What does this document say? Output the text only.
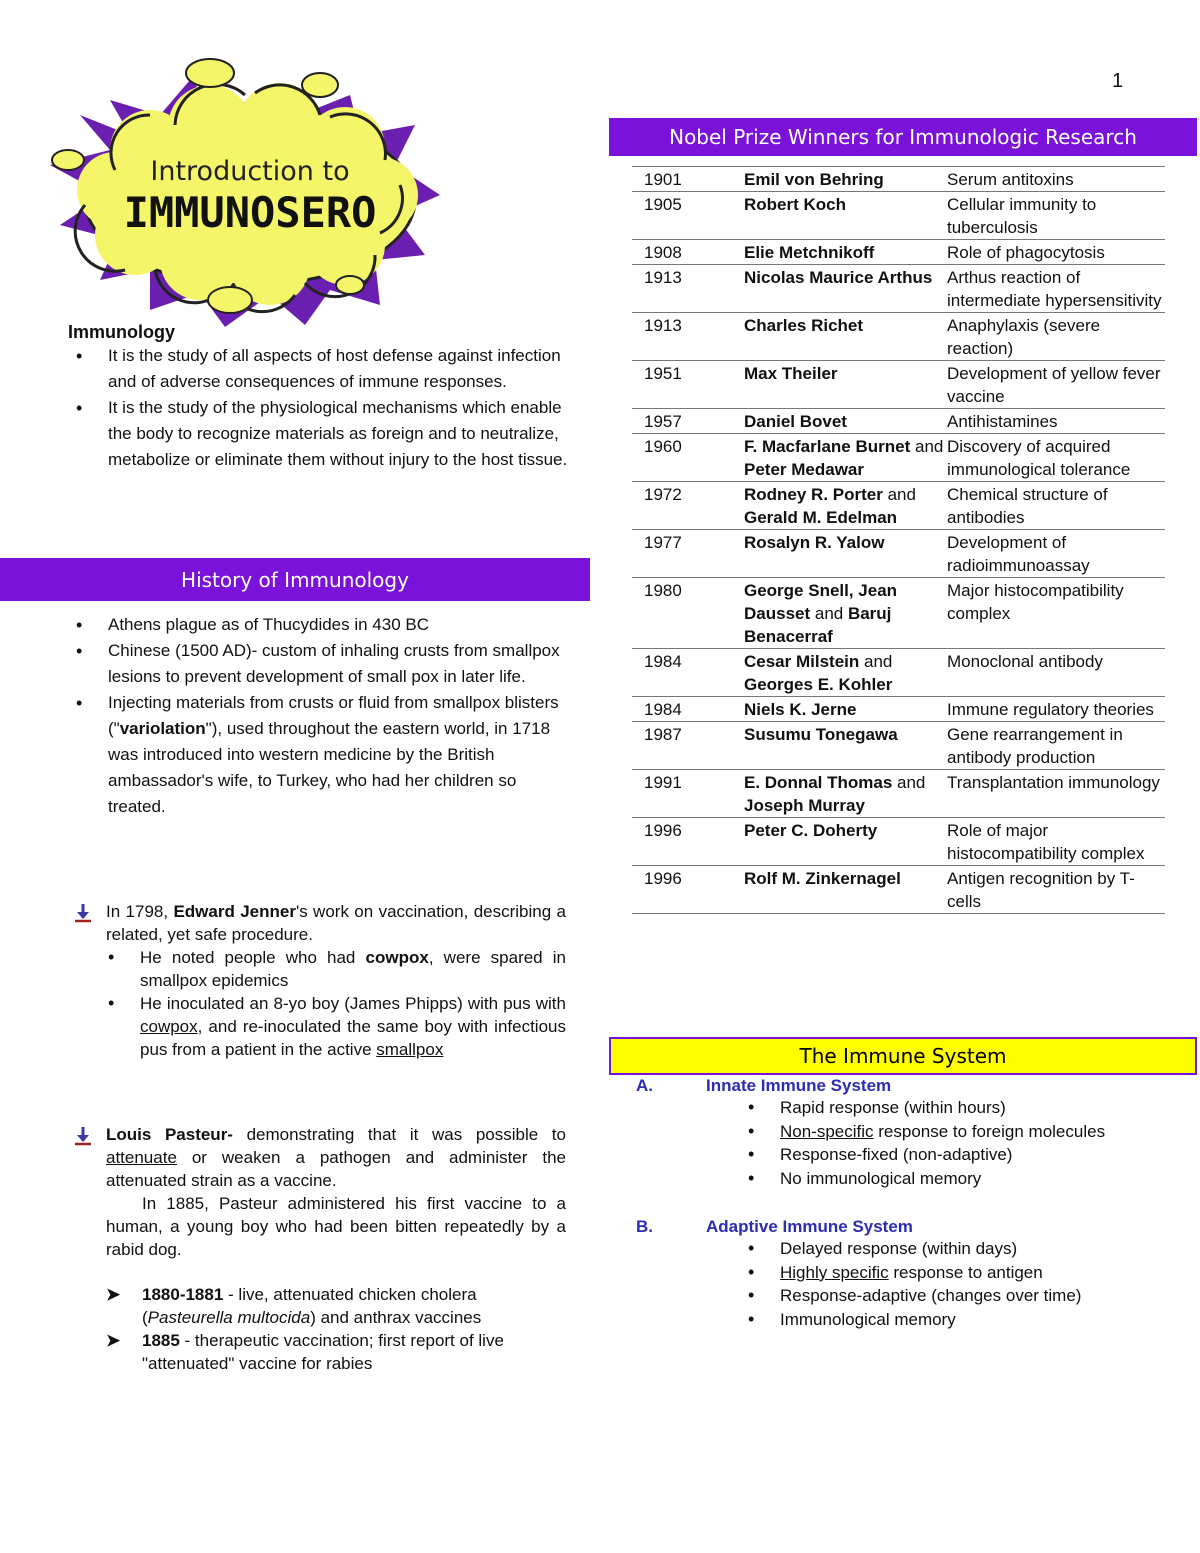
1
Introduction to
IMMUNOSERO
Immunology
• It is the study of all aspects of host defense against infection and of adverse consequences of immune responses.
• It is the study of the physiological mechanisms which enable the body to recognize materials as foreign and to neutralize, metabolize or eliminate them without injury to the host tissue.
History of Immunology
• Athens plague as of Thucydides in 430 BC
• Chinese (1500 AD)- custom of inhaling crusts from smallpox lesions to prevent development of small pox in later life.
• Injecting materials from crusts or fluid from smallpox blisters ("variolation"), used throughout the eastern world, in 1718 was introduced into western medicine by the British ambassador's wife, to Turkey, who had her children so treated.
In 1798, Edward Jenner's work on vaccination, describing a related, yet safe procedure.
• He noted people who had cowpox, were spared in smallpox epidemics
• He inoculated an 8-yo boy (James Phipps) with pus with cowpox, and re-inoculated the same boy with infectious pus from a patient in the active smallpox
Louis Pasteur- demonstrating that it was possible to attenuate or weaken a pathogen and administer the attenuated strain as a vaccine.
In 1885, Pasteur administered his first vaccine to a human, a young boy who had been bitten repeatedly by a rabid dog.
➤ 1880-1881 - live, attenuated chicken cholera (Pasteurella multocida) and anthrax vaccines
➤ 1885 - therapeutic vaccination; first report of live "attenuated" vaccine for rabies
Nobel Prize Winners for Immunologic Research
1901	Emil von Behring	Serum antitoxins
1905	Robert Koch	Cellular immunity to tuberculosis
1908	Elie Metchnikoff	Role of phagocytosis
1913	Nicolas Maurice Arthus	Arthus reaction of intermediate hypersensitivity
1913	Charles Richet	Anaphylaxis (severe reaction)
1951	Max Theiler	Development of yellow fever vaccine
1957	Daniel Bovet	Antihistamines
1960	F. Macfarlane Burnet and Peter Medawar	Discovery of acquired immunological tolerance
1972	Rodney R. Porter and Gerald M. Edelman	Chemical structure of antibodies
1977	Rosalyn R. Yalow	Development of radioimmunoassay
1980	George Snell, Jean Dausset and Baruj Benacerraf	Major histocompatibility complex
1984	Cesar Milstein and Georges E. Kohler	Monoclonal antibody
1984	Niels K. Jerne	Immune regulatory theories
1987	Susumu Tonegawa	Gene rearrangement in antibody production
1991	E. Donnal Thomas and Joseph Murray	Transplantation immunology
1996	Peter C. Doherty	Role of major histocompatibility complex
1996	Rolf M. Zinkernagel	Antigen recognition by T-cells
The Immune System
A.	Innate Immune System
• Rapid response (within hours)
• Non-specific response to foreign molecules
• Response-fixed (non-adaptive)
• No immunological memory
B.	Adaptive Immune System
• Delayed response (within days)
• Highly specific response to antigen
• Response-adaptive (changes over time)
• Immunological memory
